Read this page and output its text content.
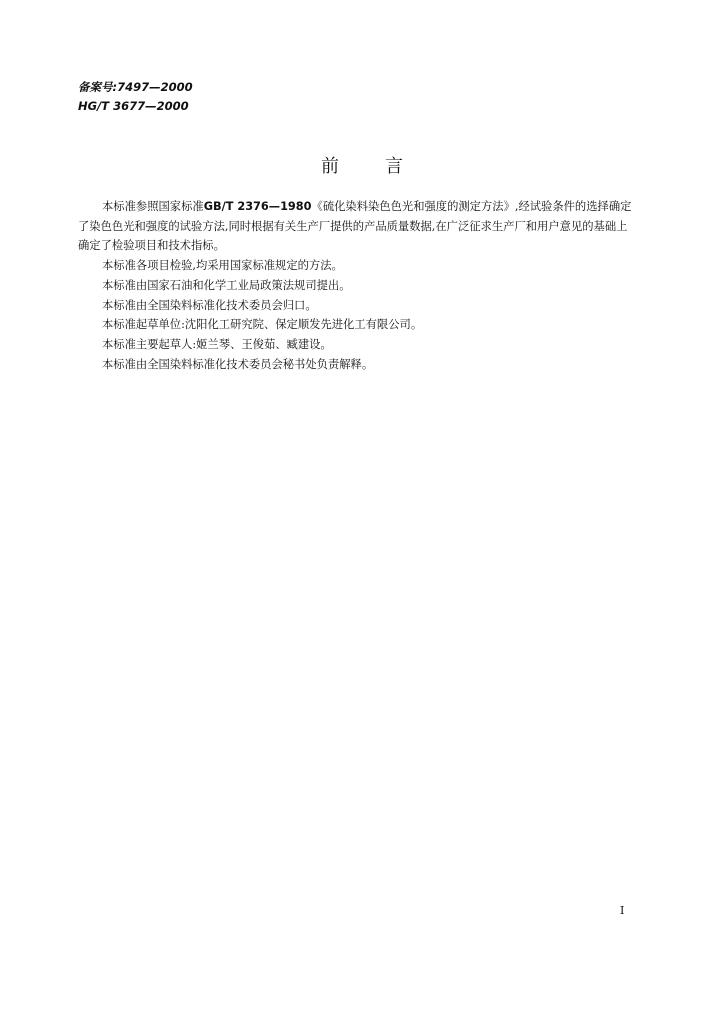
备案号:7497—2000
HG/T 3677—2000
前	言

本标准参照国家标准GB/T 2376—1980《硫化染料染色色光和强度的测定方法》,经试验条件的选择确定了染色色光和强度的试验方法,同时根据有关生产厂提供的产品质量数据,在广泛征求生产厂和用户意见的基础上确定了检验项目和技术指标。

本标准各项目检验,均采用国家标准规定的方法。

本标准由国家石油和化学工业局政策法规司提出。

本标准由全国染料标准化技术委员会归口。

本标准起草单位:沈阳化工研究院、保定顺发先进化工有限公司。

本标准主要起草人:姬兰琴、王俊茹、臧建设。

本标准由全国染料标准化技术委员会秘书处负责解释。

I
